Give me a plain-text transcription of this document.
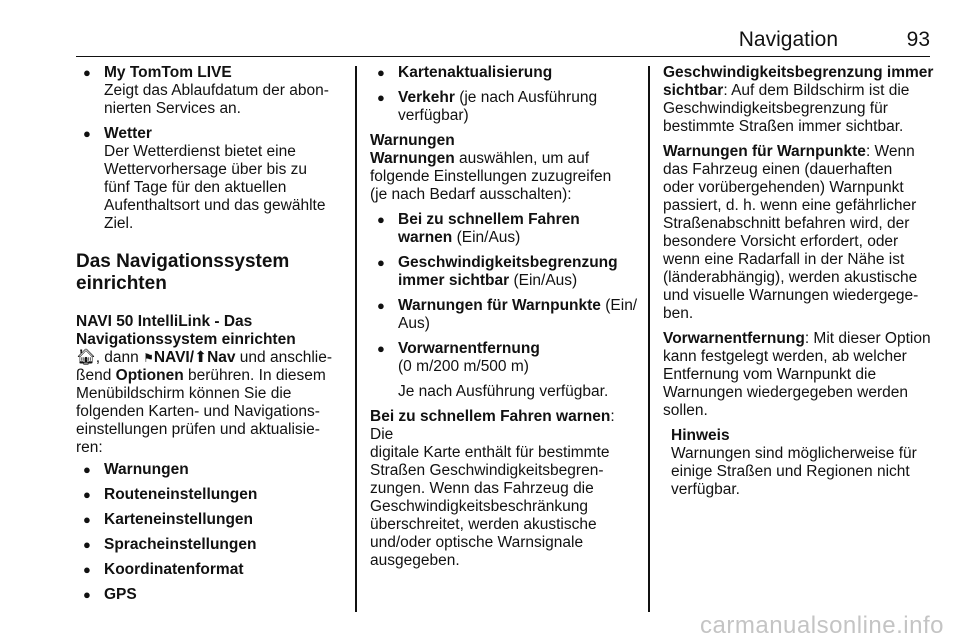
Navigation	93

● My TomTom LIVE

Zeigt das Ablaufdatum der abon-
nierten Services an.

● Wetter

Der Wetterdienst bietet eine
Wettervorhersage über bis zu
fünf Tage für den aktuellen
Aufenthaltsort und das gewählte
Ziel.

Das Navigationssystem
einrichten

NAVI 50 IntelliLink - Das
Navigationssystem einrichten

🏠︎, dann ⚑NAVI/⬆Nav und anschlie-
ßend Optionen berühren. In diesem
Menübildschirm können Sie die
folgenden Karten- und Navigations-
einstellungen prüfen und aktualisie-
ren:

● Warnungen

● Routeneinstellungen

● Karteneinstellungen

● Spracheinstellungen

● Koordinatenformat

● GPS

● Kartenaktualisierung

● Verkehr (je nach Ausführung
verfügbar)

Warnungen

Warnungen auswählen, um auf
folgende Einstellungen zuzugreifen
(je nach Bedarf ausschalten):

● Bei zu schnellem Fahren
warnen (Ein/Aus)

● Geschwindigkeitsbegrenzung
immer sichtbar (Ein/Aus)

● Warnungen für Warnpunkte (Ein/
Aus)

● Vorwarnentfernung
(0 m/200 m/500 m)

Je nach Ausführung verfügbar.

Bei zu schnellem Fahren warnen: Die
digitale Karte enthält für bestimmte
Straßen Geschwindigkeitsbegren-
zungen. Wenn das Fahrzeug die
Geschwindigkeitsbeschränkung
überschreitet, werden akustische
und/oder optische Warnsignale
ausgegeben.

Geschwindigkeitsbegrenzung immer
sichtbar: Auf dem Bildschirm ist die
Geschwindigkeitsbegrenzung für
bestimmte Straßen immer sichtbar.

Warnungen für Warnpunkte: Wenn
das Fahrzeug einen (dauerhaften
oder vorübergehenden) Warnpunkt
passiert, d. h. wenn eine gefährlicher
Straßenabschnitt befahren wird, der
besondere Vorsicht erfordert, oder
wenn eine Radarfall in der Nähe ist
(länderabhängig), werden akustische
und visuelle Warnungen wiedergege-
ben.

Vorwarnentfernung: Mit dieser Option
kann festgelegt werden, ab welcher
Entfernung vom Warnpunkt die
Warnungen wiedergegeben werden
sollen.

Hinweis

Warnungen sind möglicherweise für
einige Straßen und Regionen nicht
verfügbar.

carmanualsonline.info
